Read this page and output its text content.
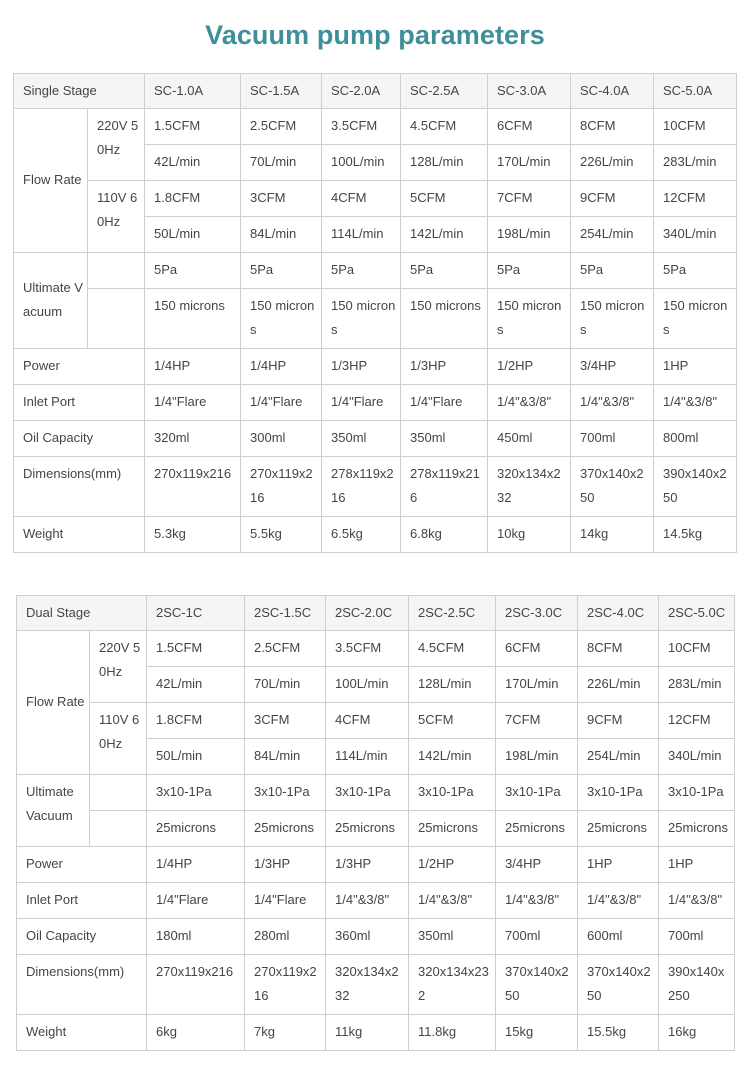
Vacuum pump parameters
Single Stage		SC-1.0A	SC-1.5A	SC-2.0A	SC-2.5A	SC-3.0A	SC-4.0A	SC-5.0A
Flow Rate	220V 50Hz	1.5CFM	2.5CFM	3.5CFM	4.5CFM	6CFM	8CFM	10CFM
		42L/min	70L/min	100L/min	128L/min	170L/min	226L/min	283L/min
	110V 60Hz	1.8CFM	3CFM	4CFM	5CFM	7CFM	9CFM	12CFM
		50L/min	84L/min	114L/min	142L/min	198L/min	254L/min	340L/min
Ultimate Vacuum		5Pa	5Pa	5Pa	5Pa	5Pa	5Pa	5Pa
		150 microns	150 microns	150 microns	150 microns	150 microns	150 microns	150 microns
Power		1/4HP	1/4HP	1/3HP	1/3HP	1/2HP	3/4HP	1HP
Inlet Port		1/4"Flare	1/4"Flare	1/4"Flare	1/4"Flare	1/4"&3/8"	1/4"&3/8"	1/4"&3/8"
Oil Capacity		320ml	300ml	350ml	350ml	450ml	700ml	800ml
Dimensions(mm)		270x119x216	270x119x216	278x119x216	278x119x216	320x134x232	370x140x250	390x140x250
Weight		5.3kg	5.5kg	6.5kg	6.8kg	10kg	14kg	14.5kg
Dual Stage		2SC-1C	2SC-1.5C	2SC-2.0C	2SC-2.5C	2SC-3.0C	2SC-4.0C	2SC-5.0C
Flow Rate	220V 50Hz	1.5CFM	2.5CFM	3.5CFM	4.5CFM	6CFM	8CFM	10CFM
		42L/min	70L/min	100L/min	128L/min	170L/min	226L/min	283L/min
	110V 60Hz	1.8CFM	3CFM	4CFM	5CFM	7CFM	9CFM	12CFM
		50L/min	84L/min	114L/min	142L/min	198L/min	254L/min	340L/min
Ultimate Vacuum		3x10-1Pa	3x10-1Pa	3x10-1Pa	3x10-1Pa	3x10-1Pa	3x10-1Pa	3x10-1Pa
		25microns	25microns	25microns	25microns	25microns	25microns	25microns
Power		1/4HP	1/3HP	1/3HP	1/2HP	3/4HP	1HP	1HP
Inlet Port		1/4"Flare	1/4"Flare	1/4"&3/8"	1/4"&3/8"	1/4"&3/8"	1/4"&3/8"	1/4"&3/8"
Oil Capacity		180ml	280ml	360ml	350ml	700ml	600ml	700ml
Dimensions(mm)		270x119x216	270x119x216	320x134x232	320x134x232	370x140x250	370x140x250	390x140x250
Weight		6kg	7kg	11kg	11.8kg	15kg	15.5kg	16kg
